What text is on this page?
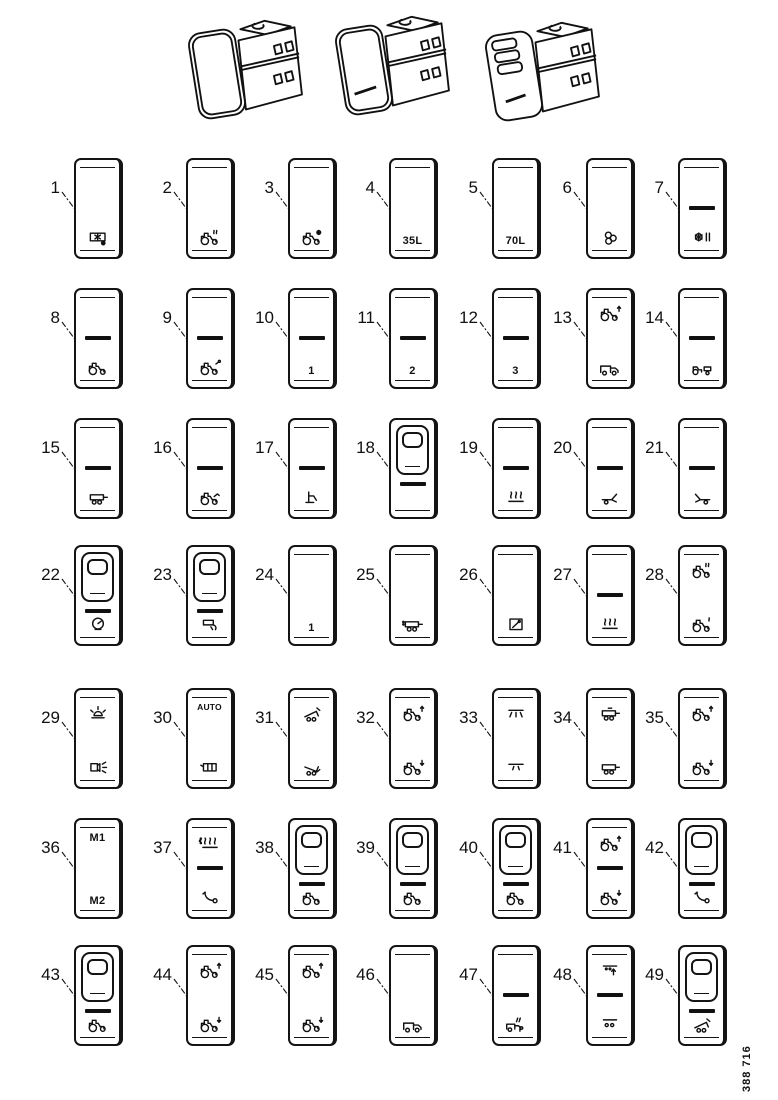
1	2	3
35L
4
70L
5	6	7
8	9
1
10
2
11
3
12	13	14
15	16	17	18	19	20	21
22	23
1
24	25	26	27	28
29
AUTO
30	31	32	33	34	35
M1
M2
36	37	38	39	40	41	42
43	44	45	46	47	48	49
388 716
